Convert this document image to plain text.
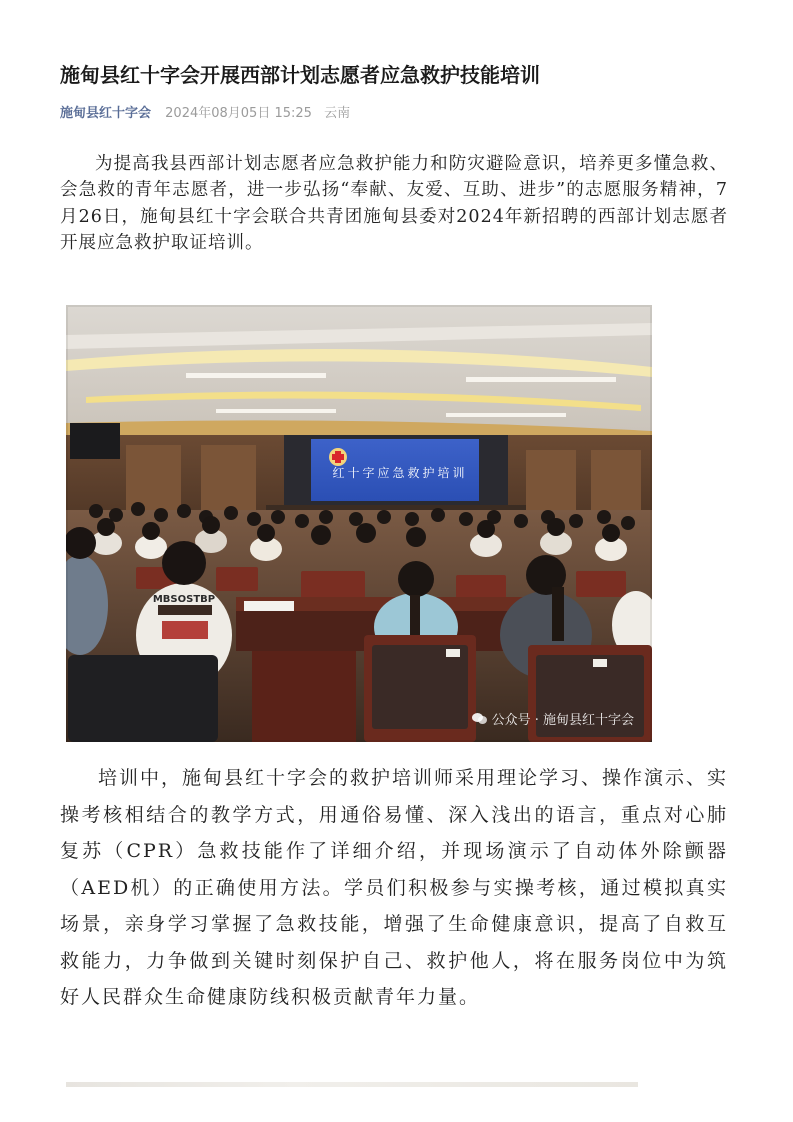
施甸县红十字会开展西部计划志愿者应急救护技能培训
施甸县红十字会 2024年08月05日 15:25 云南

为提高我县西部计划志愿者应急救护能力和防灾避险意识，培养更多懂急救、会急救的青年志愿者，进一步弘扬“奉献、友爱、互助、进步”的志愿服务精神，7月26日，施甸县红十字会联合共青团施甸县委对2024年新招聘的西部计划志愿者开展应急救护取证培训。

红十字应急救护培训
MBSOSTBP
公众号 · 施甸县红十字会

培训中，施甸县红十字会的救护培训师采用理论学习、操作演示、实操考核相结合的教学方式，用通俗易懂、深入浅出的语言，重点对心肺复苏（CPR）急救技能作了详细介绍，并现场演示了自动体外除颤器（AED机）的正确使用方法。学员们积极参与实操考核，通过模拟真实场景，亲身学习掌握了急救技能，增强了生命健康意识，提高了自救互救能力，力争做到关键时刻保护自己、救护他人，将在服务岗位中为筑好人民群众生命健康防线积极贡献青年力量。
